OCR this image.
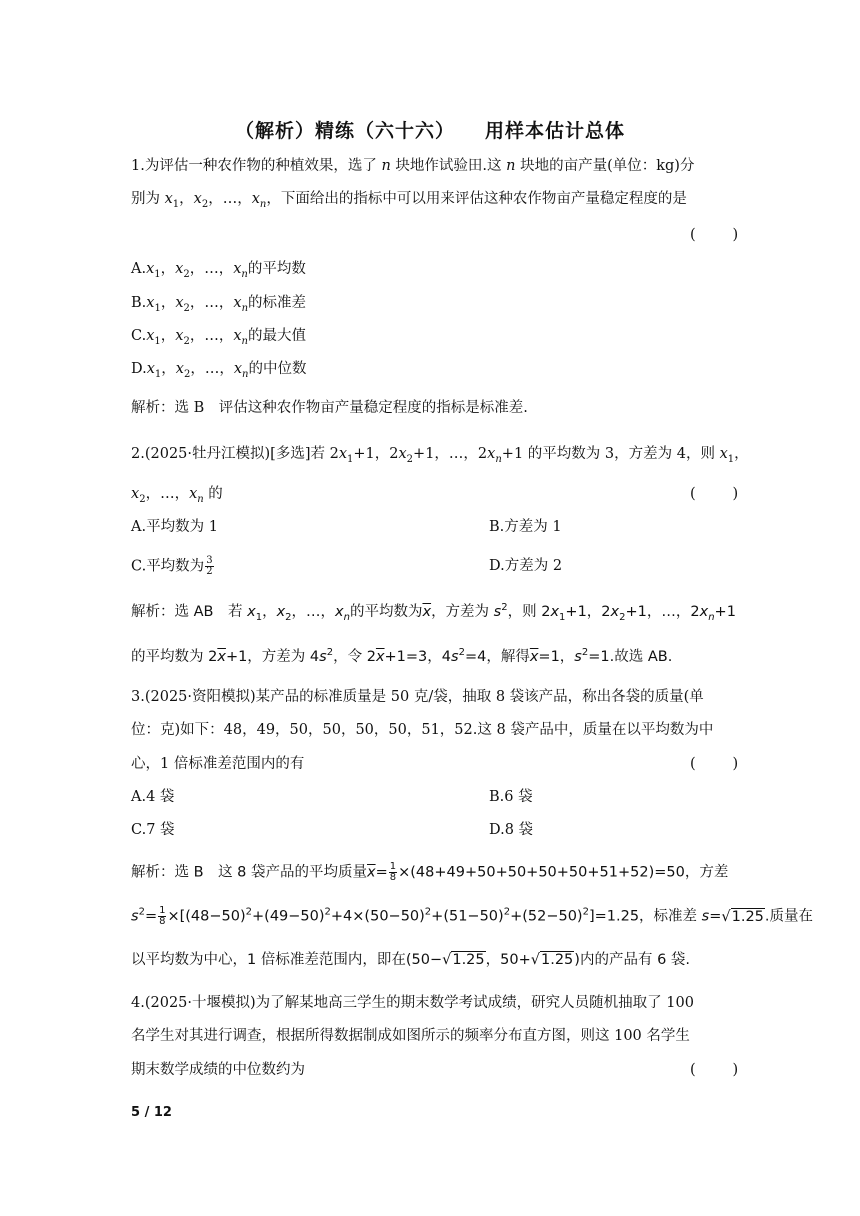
（解析）精练（六十六） 用样本估计总体
1.为评估一种农作物的种植效果，选了 n 块地作试验田.这 n 块地的亩产量(单位：kg)分
别为 $x_1$，$x_2$，…，$x_n$，下面给出的指标中可以用来评估这种农作物亩产量稳定程度的是
(        )
$A.x_1$，$x_2$，…，$x_n$的平均数
$B.x_1$，$x_2$，…，$x_n$的标准差
$C.x_1$，$x_2$，…，$x_n$的最大值
$D.x_1$，$x_2$，…，$x_n$的中位数
解析：选 B　评估这种农作物亩产量稳定程度的指标是标准差.
2.(2025·牡丹江模拟)[多选]若 $2x_1+1$，$2x_2+1$，…，$2x_n+1$ 的平均数为 3，方差为 4，则 $x_1$，
$x_2$，…，$x_n$ 的	(        )
A.平均数为 1	B.方差为 1
C.平均数为 $\frac{3}{2}$	D.方差为 2
解析：选 AB　若 $x_1$，$x_2$，…，$x_n$的平均数为$\overline{x}$，方差为 $s^2$，则 $2x_1+1$，$2x_2+1$，…，$2x_n+1$
的平均数为 $2\overline{x}+1$，方差为 $4s^2$，令 $2\overline{x}+1=3$，$4s^2=4$，解得$\overline{x}=1$，$s^2=1$.故选 AB.
3.(2025·资阳模拟)某产品的标准质量是 50 克/袋，抽取 8 袋该产品，称出各袋的质量(单
位：克)如下：48，49，50，50，50，50，51，52.这 8 袋产品中，质量在以平均数为中
心，1 倍标准差范围内的有	(        )
A.4 袋	B.6 袋
C.7 袋	D.8 袋
解析：选 B　这 8 袋产品的平均质量$\overline{x}= \frac{1}{8} \times(48+49+50+50+50+50+51+52)=50$，方差
$s^2= \frac{1}{8} \times[(48-50)^2+(49-50)^2+4\times(50-50)^2+(51-50)^2+(52-50)^2]=1.25$，标准差 s=√1.25.质量在
以平均数为中心，1 倍标准差范围内，即在(50−√1.25，50+√1.25)内的产品有 6 袋.
4.(2025·十堰模拟)为了解某地高三学生的期末数学考试成绩，研究人员随机抽取了 100
名学生对其进行调查，根据所得数据制成如图所示的频率分布直方图，则这 100 名学生
期末数学成绩的中位数约为	(        )
5 / 12
